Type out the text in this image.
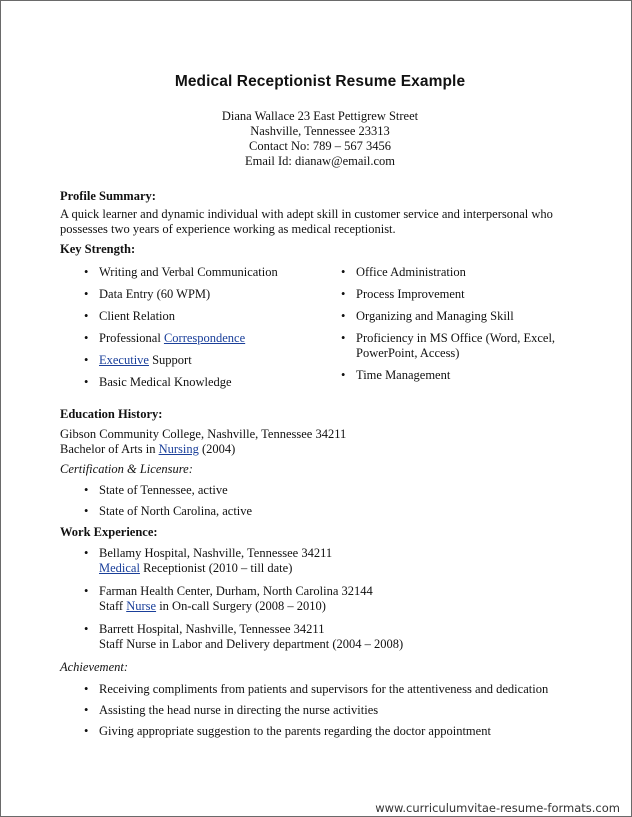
Medical Receptionist Resume Example
Diana Wallace 23 East Pettigrew Street
Nashville, Tennessee 23313
Contact No: 789 – 567 3456
Email Id: dianaw@email.com
Profile Summary:
A quick learner and dynamic individual with adept skill in customer service and interpersonal who possesses two years of experience working as medical receptionist.
Key Strength:
• Writing and Verbal Communication
• Data Entry (60 WPM)
• Client Relation
• Professional Correspondence
• Executive Support
• Basic Medical Knowledge
• Office Administration
• Process Improvement
• Organizing and Managing Skill
• Proficiency in MS Office (Word, Excel, PowerPoint, Access)
• Time Management
Education History:
Gibson Community College, Nashville, Tennessee 34211
Bachelor of Arts in Nursing (2004)
Certification & Licensure:
• State of Tennessee, active
• State of North Carolina, active
Work Experience:
• Bellamy Hospital, Nashville, Tennessee 34211
Medical Receptionist (2010 – till date)
• Farman Health Center, Durham, North Carolina 32144
Staff Nurse in On-call Surgery (2008 – 2010)
• Barrett Hospital, Nashville, Tennessee 34211
Staff Nurse in Labor and Delivery department (2004 – 2008)
Achievement:
• Receiving compliments from patients and supervisors for the attentiveness and dedication
• Assisting the head nurse in directing the nurse activities
• Giving appropriate suggestion to the parents regarding the doctor appointment
www.curriculumvitae-resume-formats.com
